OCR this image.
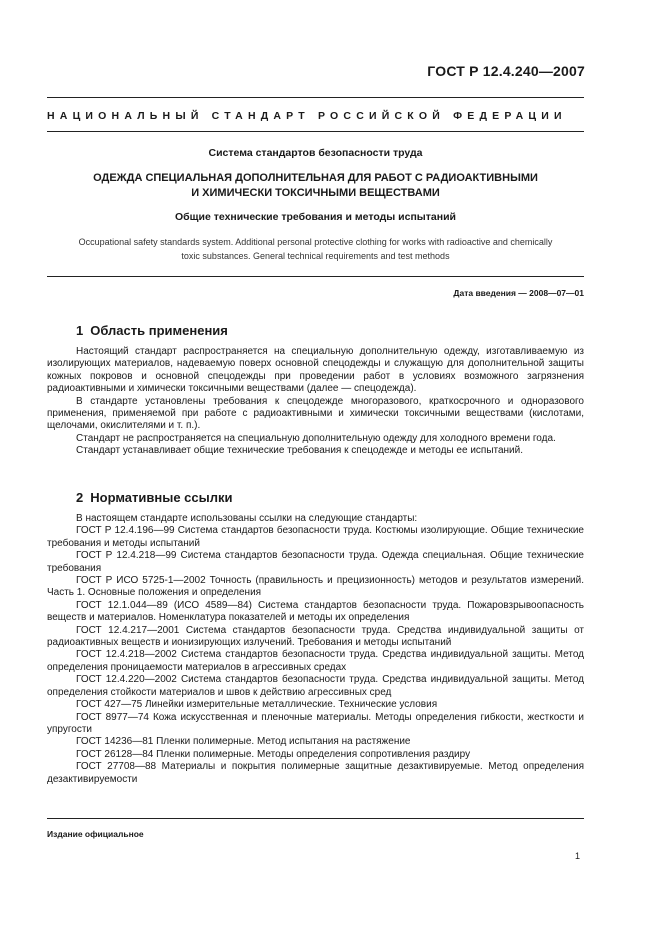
ГОСТ Р 12.4.240—2007
НАЦИОНАЛЬНЫЙ СТАНДАРТ РОССИЙСКОЙ ФЕДЕРАЦИИ
Система стандартов безопасности труда
ОДЕЖДА СПЕЦИАЛЬНАЯ ДОПОЛНИТЕЛЬНАЯ ДЛЯ РАБОТ С РАДИОАКТИВНЫМИ
И ХИМИЧЕСКИ ТОКСИЧНЫМИ ВЕЩЕСТВАМИ
Общие технические требования и методы испытаний
Occupational safety standards system. Additional personal protective clothing for works with radioactive and chemically
toxic substances. General technical requirements and test methods
Дата введения — 2008—07—01
1 Область применения

Настоящий стандарт распространяется на специальную дополнительную одежду, изготавливаемую из изолирующих материалов, надеваемую поверх основной спецодежды и служащую для дополнительной защиты кожных покровов и основной спецодежды при проведении работ в условиях возможного загрязнения радиоактивными и химически токсичными веществами (далее — спецодежда).

В стандарте установлены требования к спецодежде многоразового, краткосрочного и одноразового применения, применяемой при работе с радиоактивными и химически токсичными веществами (кислотами, щелочами, окислителями и т. п.).

Стандарт не распространяется на специальную дополнительную одежду для холодного времени года.

Стандарт устанавливает общие технические требования к спецодежде и методы ее испытаний.

2 Нормативные ссылки

В настоящем стандарте использованы ссылки на следующие стандарты:

ГОСТ Р 12.4.196—99 Система стандартов безопасности труда. Костюмы изолирующие. Общие технические требования и методы испытаний

ГОСТ Р 12.4.218—99 Система стандартов безопасности труда. Одежда специальная. Общие технические требования

ГОСТ Р ИСО 5725-1—2002 Точность (правильность и прецизионность) методов и результатов измерений. Часть 1. Основные положения и определения

ГОСТ 12.1.044—89 (ИСО 4589—84) Система стандартов безопасности труда. Пожаровзрывоопасность веществ и материалов. Номенклатура показателей и методы их определения

ГОСТ 12.4.217—2001 Система стандартов безопасности труда. Средства индивидуальной защиты от радиоактивных веществ и ионизирующих излучений. Требования и методы испытаний

ГОСТ 12.4.218—2002 Система стандартов безопасности труда. Средства индивидуальной защиты. Метод определения проницаемости материалов в агрессивных средах

ГОСТ 12.4.220—2002 Система стандартов безопасности труда. Средства индивидуальной защиты. Метод определения стойкости материалов и швов к действию агрессивных сред

ГОСТ 427—75 Линейки измерительные металлические. Технические условия

ГОСТ 8977—74 Кожа искусственная и пленочные материалы. Методы определения гибкости, жесткости и упругости

ГОСТ 14236—81 Пленки полимерные. Метод испытания на растяжение

ГОСТ 26128—84 Пленки полимерные. Методы определения сопротивления раздиру

ГОСТ 27708—88 Материалы и покрытия полимерные защитные дезактивируемые. Метод определения дезактивируемости

Издание официальное
1
